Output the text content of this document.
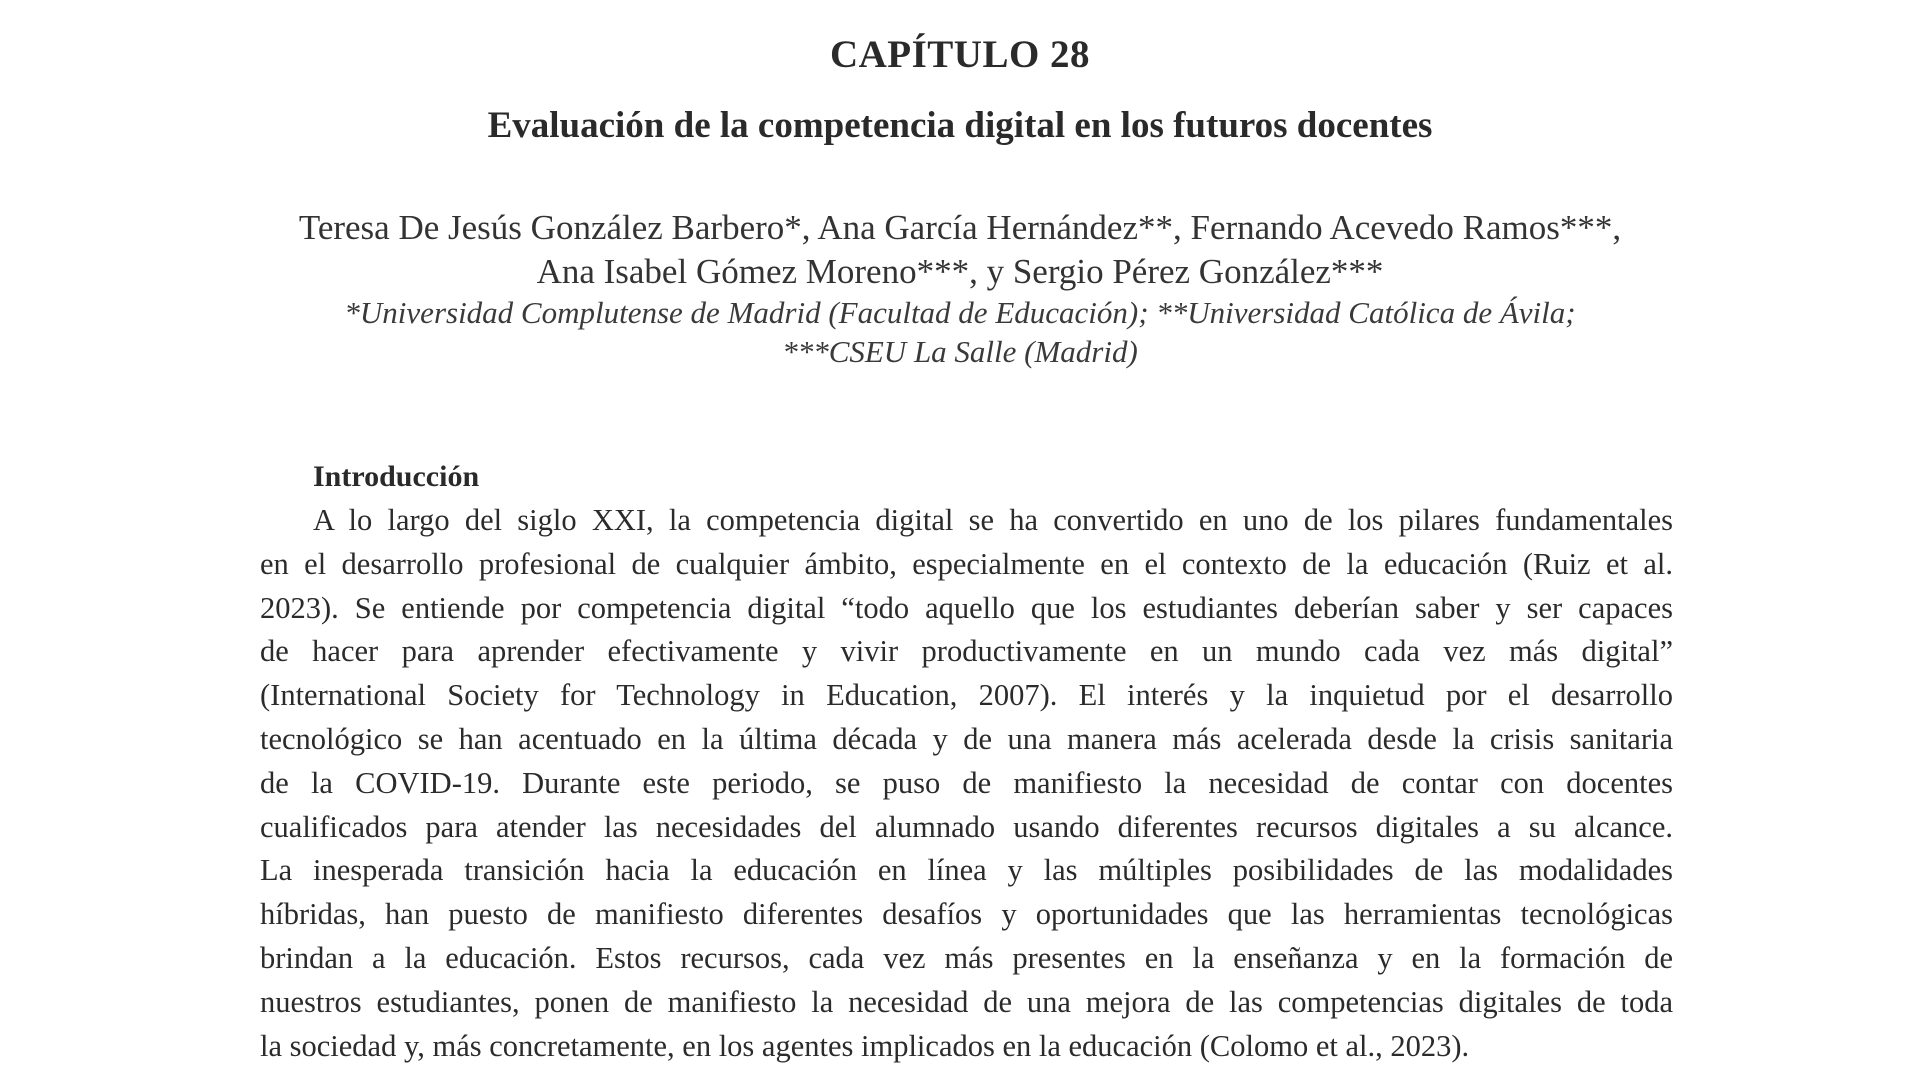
CAPÍTULO 28
Evaluación de la competencia digital en los futuros docentes
Teresa De Jesús González Barbero*, Ana García Hernández**, Fernando Acevedo Ramos***,
Ana Isabel Gómez Moreno***, y Sergio Pérez González***
*Universidad Complutense de Madrid (Facultad de Educación); **Universidad Católica de Ávila;
***CSEU La Salle (Madrid)
Introducción
A lo largo del siglo XXI, la competencia digital se ha convertido en uno de los pilares fundamentales
en el desarrollo profesional de cualquier ámbito, especialmente en el contexto de la educación (Ruiz et al.
2023). Se entiende por competencia digital “todo aquello que los estudiantes deberían saber y ser capaces
de hacer para aprender efectivamente y vivir productivamente en un mundo cada vez más digital”
(International Society for Technology in Education, 2007). El interés y la inquietud por el desarrollo
tecnológico se han acentuado en la última década y de una manera más acelerada desde la crisis sanitaria
de la COVID-19. Durante este periodo, se puso de manifiesto la necesidad de contar con docentes
cualificados para atender las necesidades del alumnado usando diferentes recursos digitales a su alcance.
La inesperada transición hacia la educación en línea y las múltiples posibilidades de las modalidades
híbridas, han puesto de manifiesto diferentes desafíos y oportunidades que las herramientas tecnológicas
brindan a la educación. Estos recursos, cada vez más presentes en la enseñanza y en la formación de
nuestros estudiantes, ponen de manifiesto la necesidad de una mejora de las competencias digitales de toda
la sociedad y, más concretamente, en los agentes implicados en la educación (Colomo et al., 2023).
